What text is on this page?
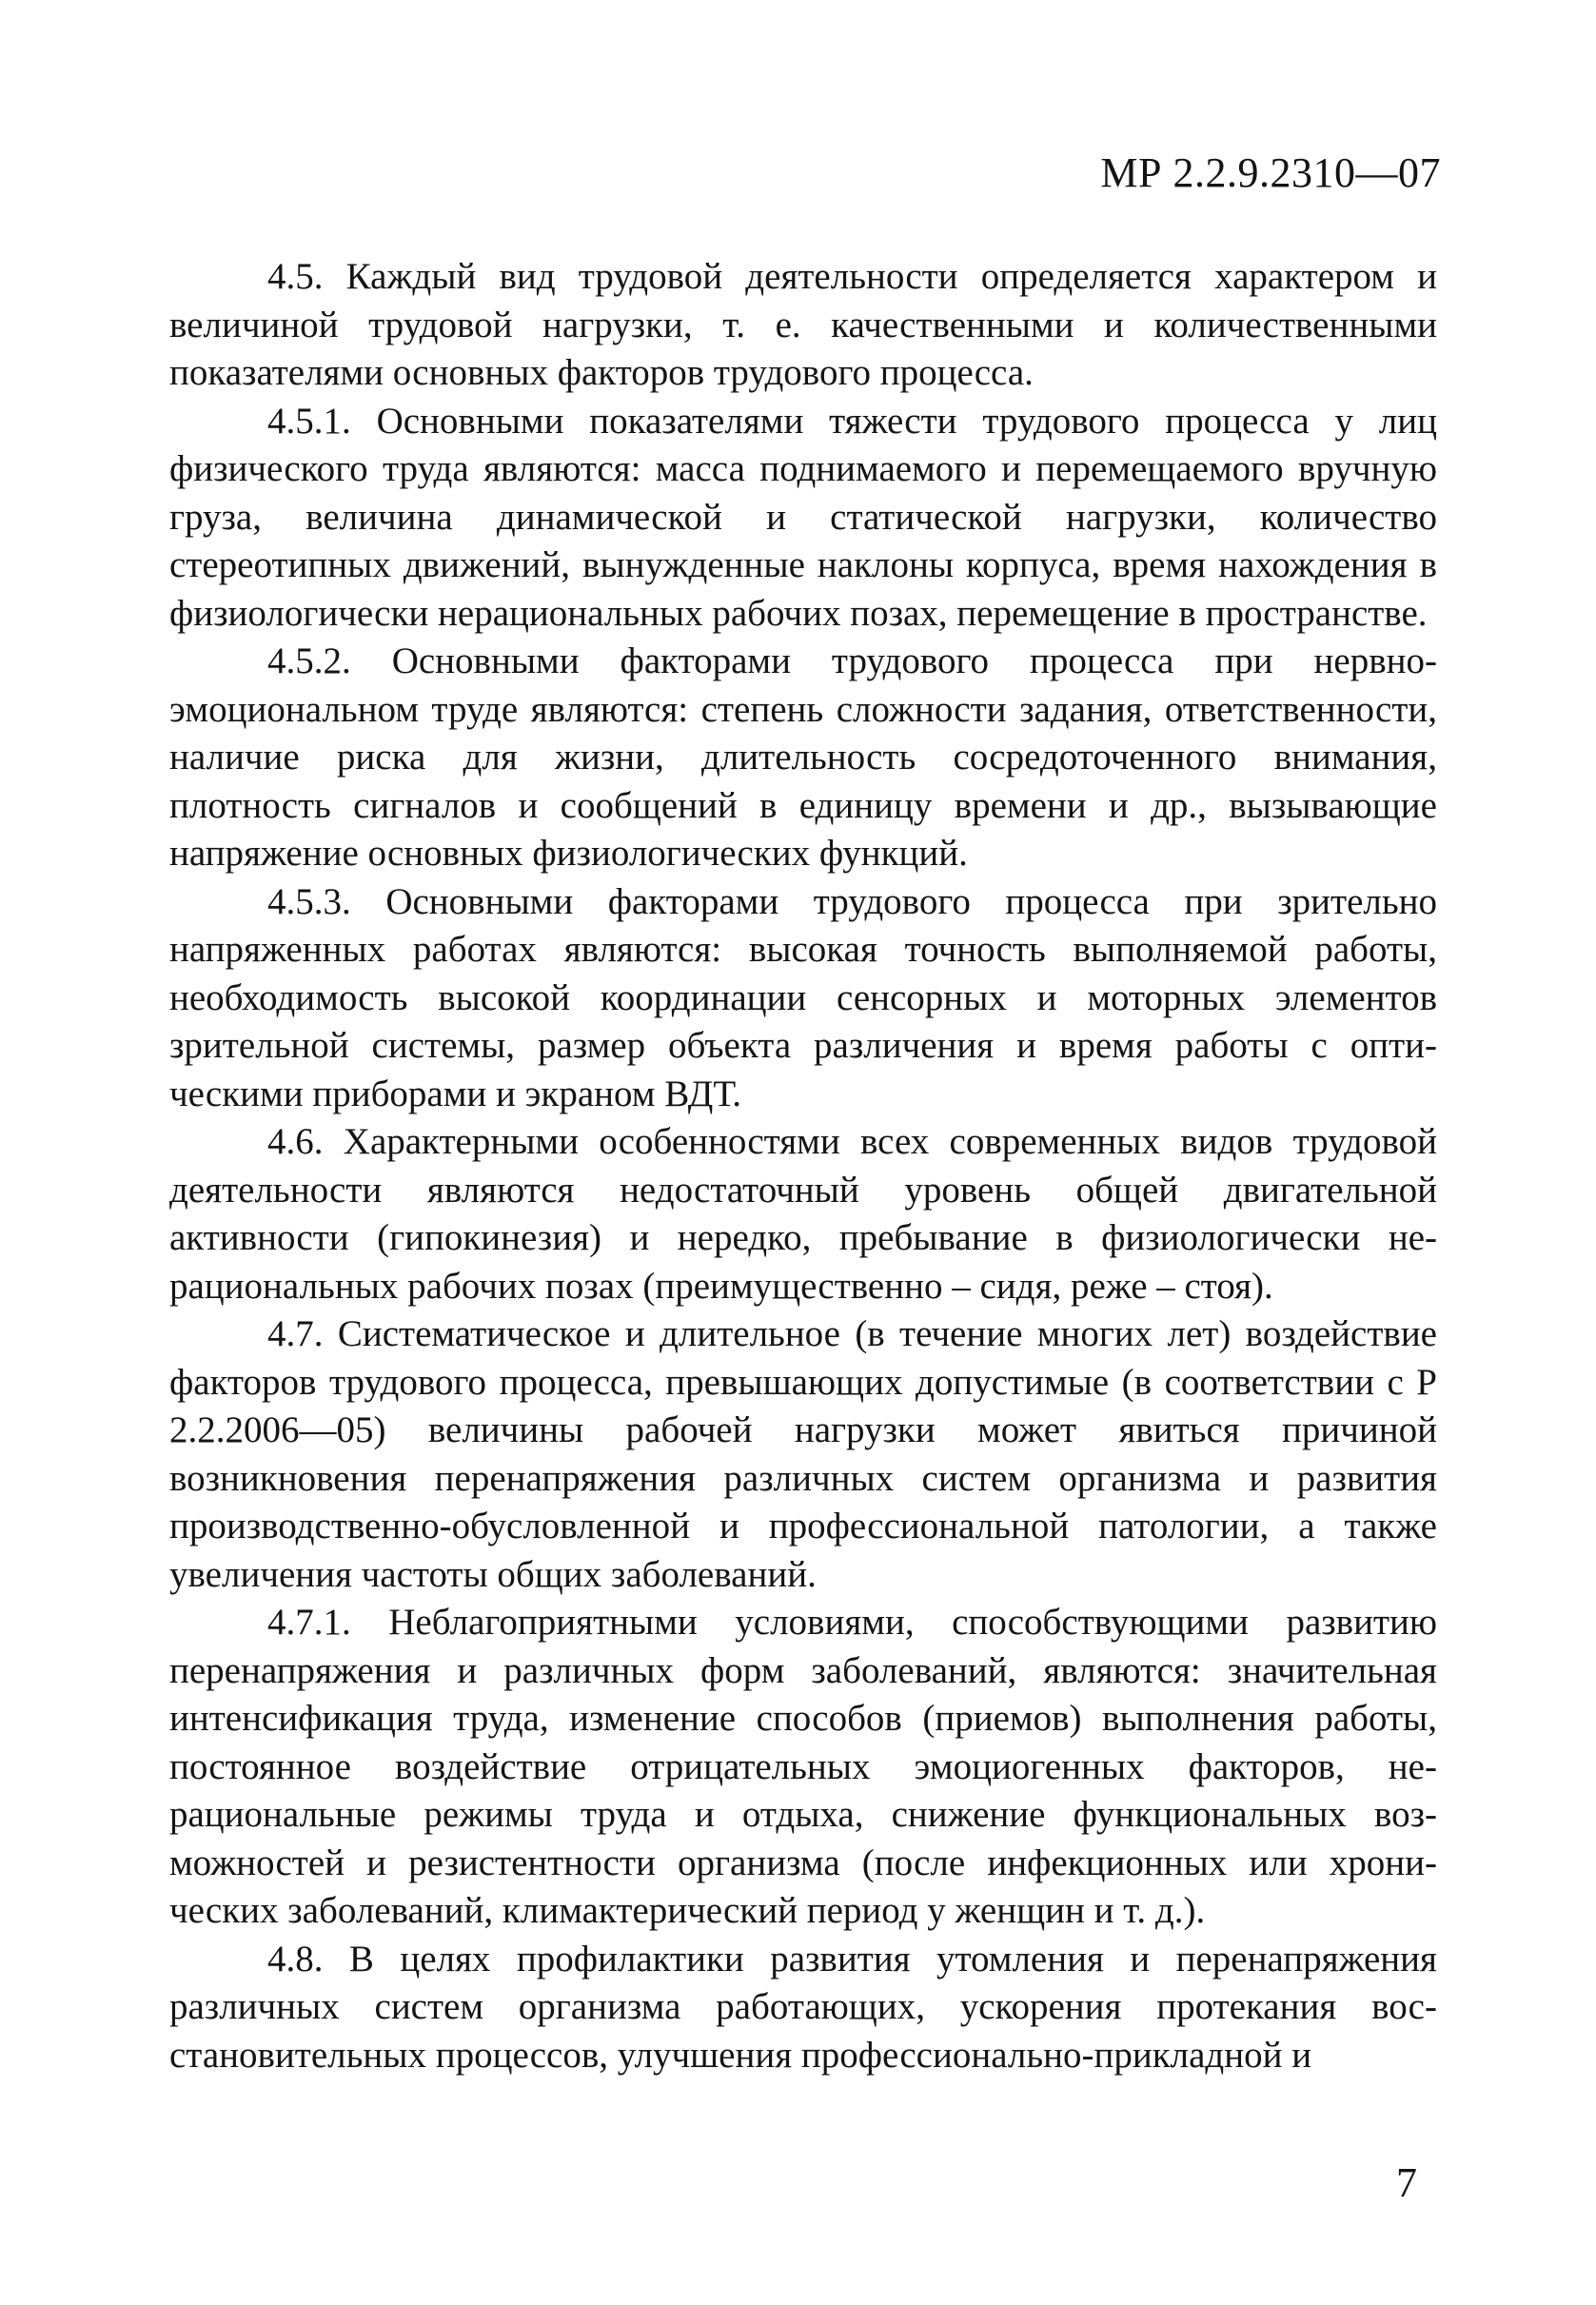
МР 2.2.9.2310—07

4.5. Каждый вид трудовой деятельности определяется характером и величиной трудовой нагрузки, т. е. качественными и количественными показателями основных факторов трудового процесса.

4.5.1. Основными показателями тяжести трудового процесса у лиц физического труда являются: масса поднимаемого и перемещаемого вручную груза, величина динамической и статической нагрузки, количество стереотипных движений, вынужденные наклоны корпуса, время нахождения в физиологически нерациональных рабочих позах, перемещение в пространстве.

4.5.2. Основными факторами трудового процесса при нервно-эмоциональном труде являются: степень сложности задания, ответственности, наличие риска для жизни, длительность сосредоточенного внимания, плотность сигналов и сообщений в единицу времени и др., вызывающие напряжение основных физиологических функций.

4.5.3. Основными факторами трудового процесса при зрительно напряженных работах являются: высокая точность выполняемой работы, необходимость высокой координации сенсорных и моторных элементов зрительной системы, размер объекта различения и время работы с оптическими приборами и экраном ВДТ.

4.6. Характерными особенностями всех современных видов трудовой деятельности являются недостаточный уровень общей двигательной активности (гипокинезия) и нередко, пребывание в физиологически нерациональных рабочих позах (преимущественно – сидя, реже – стоя).

4.7. Систематическое и длительное (в течение многих лет) воздействие факторов трудового процесса, превышающих допустимые (в соответствии с Р 2.2.2006—05) величины рабочей нагрузки может явиться причиной возникновения перенапряжения различных систем организма и развития производственно-обусловленной и профессиональной патологии, а также увеличения частоты общих заболеваний.

4.7.1. Неблагоприятными условиями, способствующими развитию перенапряжения и различных форм заболеваний, являются: значительная интенсификация труда, изменение способов (приемов) выполнения работы, постоянное воздействие отрицательных эмоциогенных факторов, нерациональные режимы труда и отдыха, снижение функциональных возможностей и резистентности организма (после инфекционных или хронических заболеваний, климактерический период у женщин и т. д.).

4.8. В целях профилактики развития утомления и перенапряжения различных систем организма работающих, ускорения протекания восстановительных процессов, улучшения профессионально-прикладной и

7
